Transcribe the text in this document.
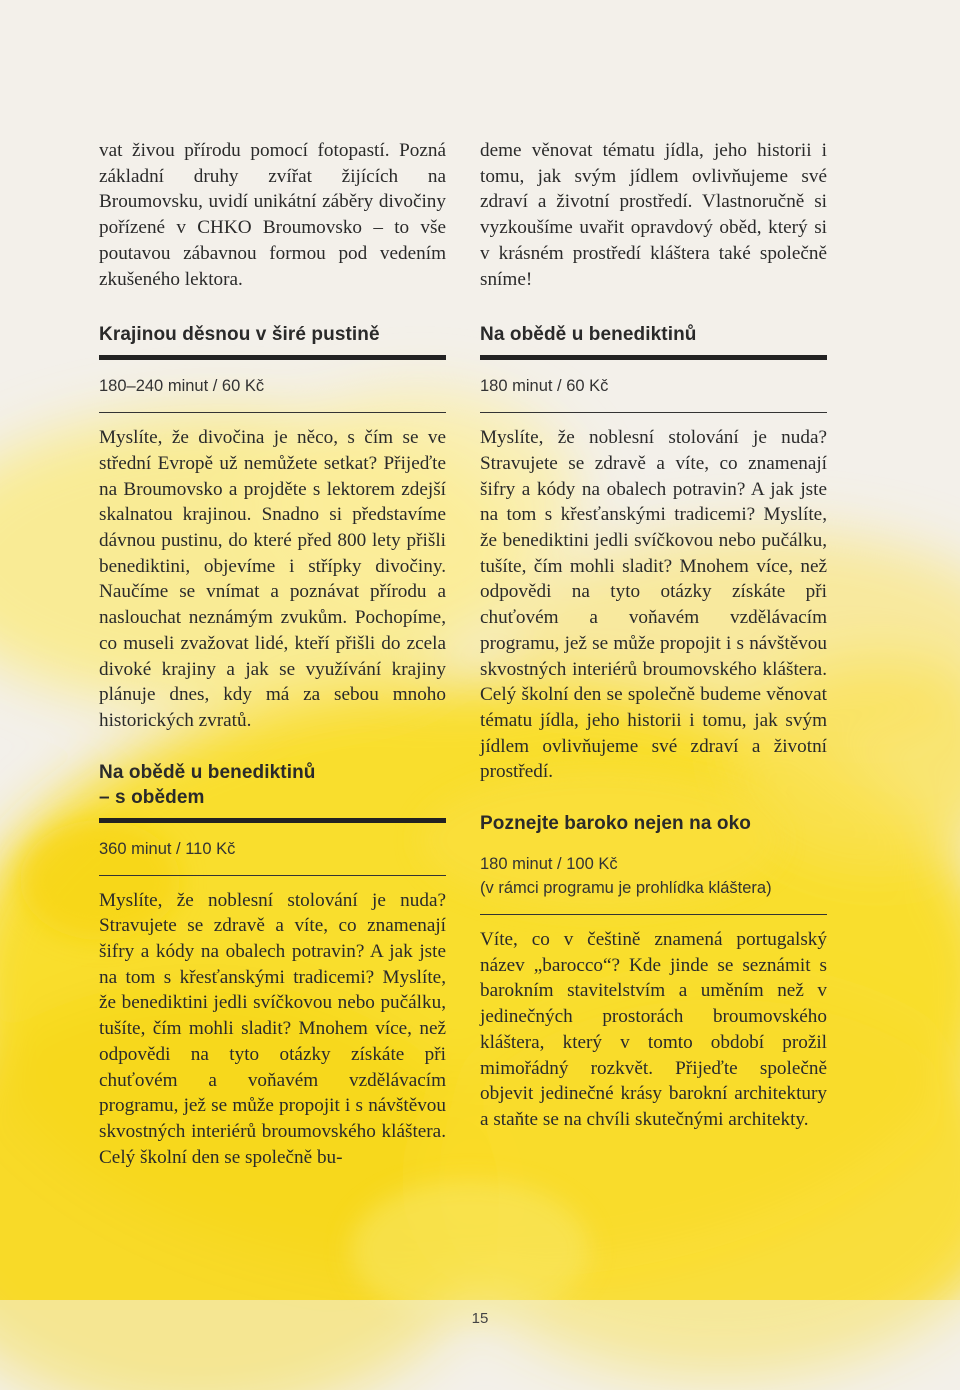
vat živou přírodu pomocí fotopastí. Pozná základní druhy zvířat žijících na Broumovsku, uvidí unikátní záběry divočiny pořízené v CHKO Broumovsko – to vše poutavou zábavnou formou pod vedením zkušeného lektora.

Krajinou děsnou v širé pustině
180–240 minut / 60 Kč

Myslíte, že divočina je něco, s čím se ve střední Evropě už nemůžete setkat? Přijeďte na Broumovsko a projděte s lektorem zdejší skalnatou krajinou. Snadno si představíme dávnou pustinu, do které před 800 lety přišli benediktini, objevíme i střípky divočiny. Naučíme se vnímat a poznávat přírodu a naslouchat neznámým zvukům. Pochopíme, co museli zvažovat lidé, kteří přišli do zcela divoké krajiny a jak se využívání krajiny plánuje dnes, kdy má za sebou mnoho historických zvratů.

Na obědě u benediktinů
– s obědem
360 minut / 110 Kč

Myslíte, že noblesní stolování je nuda? Stravujete se zdravě a víte, co znamenají šifry a kódy na obalech potravin? A jak jste na tom s křesťanskými tradicemi? Myslíte, že benediktini jedli svíčkovou nebo pučálku, tušíte, čím mohli sladit? Mnohem více, než odpovědi na tyto otázky získáte při chuťovém a voňavém vzdělávacím programu, jež se může propojit i s návštěvou skvostných interiérů broumovského kláštera. Celý školní den se společně bu-

deme věnovat tématu jídla, jeho historii i tomu, jak svým jídlem ovlivňujeme své zdraví a životní prostředí. Vlastnoručně si vyzkoušíme uvařit opravdový oběd, který si v krásném prostředí kláštera také společně sníme!

Na obědě u benediktinů
180 minut / 60 Kč

Myslíte, že noblesní stolování je nuda? Stravujete se zdravě a víte, co znamenají šifry a kódy na obalech potravin? A jak jste na tom s křesťanskými tradicemi? Myslíte, že benediktini jedli svíčkovou nebo pučálku, tušíte, čím mohli sladit? Mnohem více, než odpovědi na tyto otázky získáte při chuťovém a voňavém vzdělávacím programu, jež se může propojit i s návštěvou skvostných interiérů broumovského kláštera. Celý školní den se společně budeme věnovat tématu jídla, jeho historii i tomu, jak svým jídlem ovlivňujeme své zdraví a životní prostředí.

Poznejte baroko nejen na oko
180 minut / 100 Kč
(v rámci programu je prohlídka kláštera)

Víte, co v češtině znamená portugalský název „barocco“? Kde jinde se seznámit s barokním stavitelstvím a uměním než v jedinečných prostorách broumovského kláštera, který v tomto období prožil mimořádný rozkvět. Přijeďte společně objevit jedinečné krásy barokní architektury a staňte se na chvíli skutečnými architekty.

15
